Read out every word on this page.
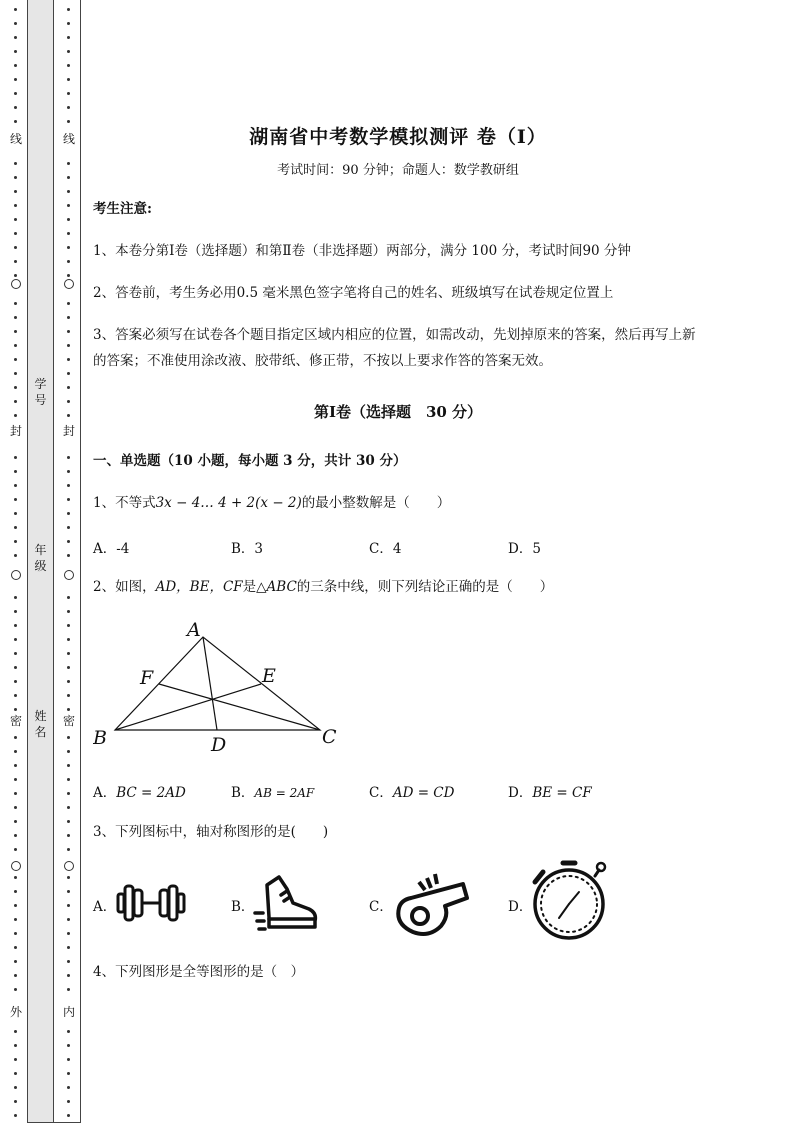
线
封
密
外
学号
年级
姓名
线
封
密
内
湖南省中考数学模拟测评 卷（Ⅰ）
考试时间：90 分钟；命题人：数学教研组
考生注意:
1、本卷分第Ⅰ卷（选择题）和第Ⅱ卷（非选择题）两部分，满分 100 分，考试时间90 分钟
2、答卷前，考生务必用0.5 毫米黑色签字笔将自己的姓名、班级填写在试卷规定位置上
3、答案必须写在试卷各个题目指定区域内相应的位置，如需改动，先划掉原来的答案，然后再写上新
的答案；不准使用涂改液、胶带纸、修正带，不按以上要求作答的答案无效。
第Ⅰ卷（选择题　30 分）
一、单选题（10 小题，每小题 3 分，共计 30 分）
1、不等式3x − 4… 4 + 2(x − 2)的最小整数解是（　　）
A．-4	B．3	C．4	D．5
2、如图，AD，BE，CF是△ABC的三条中线，则下列结论正确的是（　　）
A
B	C
D
E
F
A．BC = 2AD	B．AB = 2AF	C．AD = CD	D．BE = CF
3、下列图标中，轴对称图形的是(　　)
A．	B．	C．	D．
4、下列图形是全等图形的是（　）
